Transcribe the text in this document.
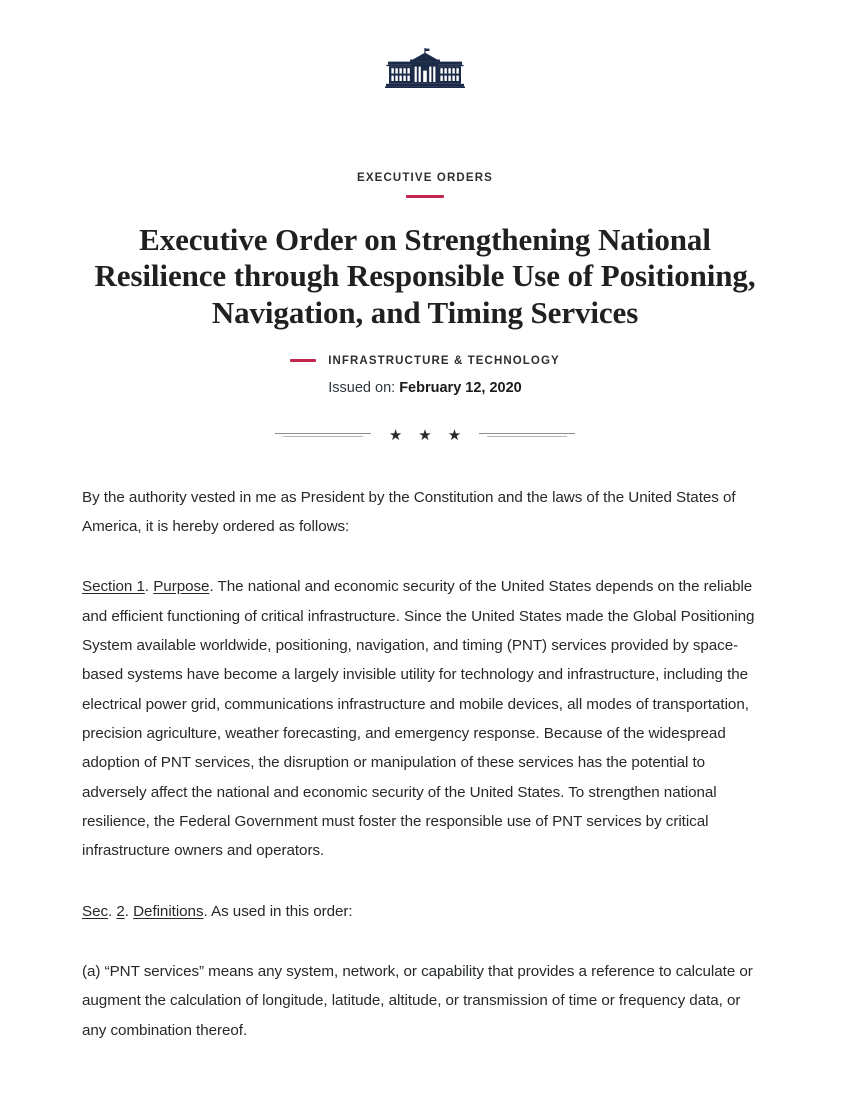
EXECUTIVE ORDERS
Executive Order on Strengthening National Resilience through Responsible Use of Positioning, Navigation, and Timing Services
INFRASTRUCTURE & TECHNOLOGY
Issued on: February 12, 2020
★ ★ ★

By the authority vested in me as President by the Constitution and the laws of the United States of America, it is hereby ordered as follows:

Section 1. Purpose. The national and economic security of the United States depends on the reliable and efficient functioning of critical infrastructure. Since the United States made the Global Positioning System available worldwide, positioning, navigation, and timing (PNT) services provided by space-based systems have become a largely invisible utility for technology and infrastructure, including the electrical power grid, communications infrastructure and mobile devices, all modes of transportation, precision agriculture, weather forecasting, and emergency response. Because of the widespread adoption of PNT services, the disruption or manipulation of these services has the potential to adversely affect the national and economic security of the United States. To strengthen national resilience, the Federal Government must foster the responsible use of PNT services by critical infrastructure owners and operators.

Sec. 2. Definitions. As used in this order:

(a) “PNT services” means any system, network, or capability that provides a reference to calculate or augment the calculation of longitude, latitude, altitude, or transmission of time or frequency data, or any combination thereof.
